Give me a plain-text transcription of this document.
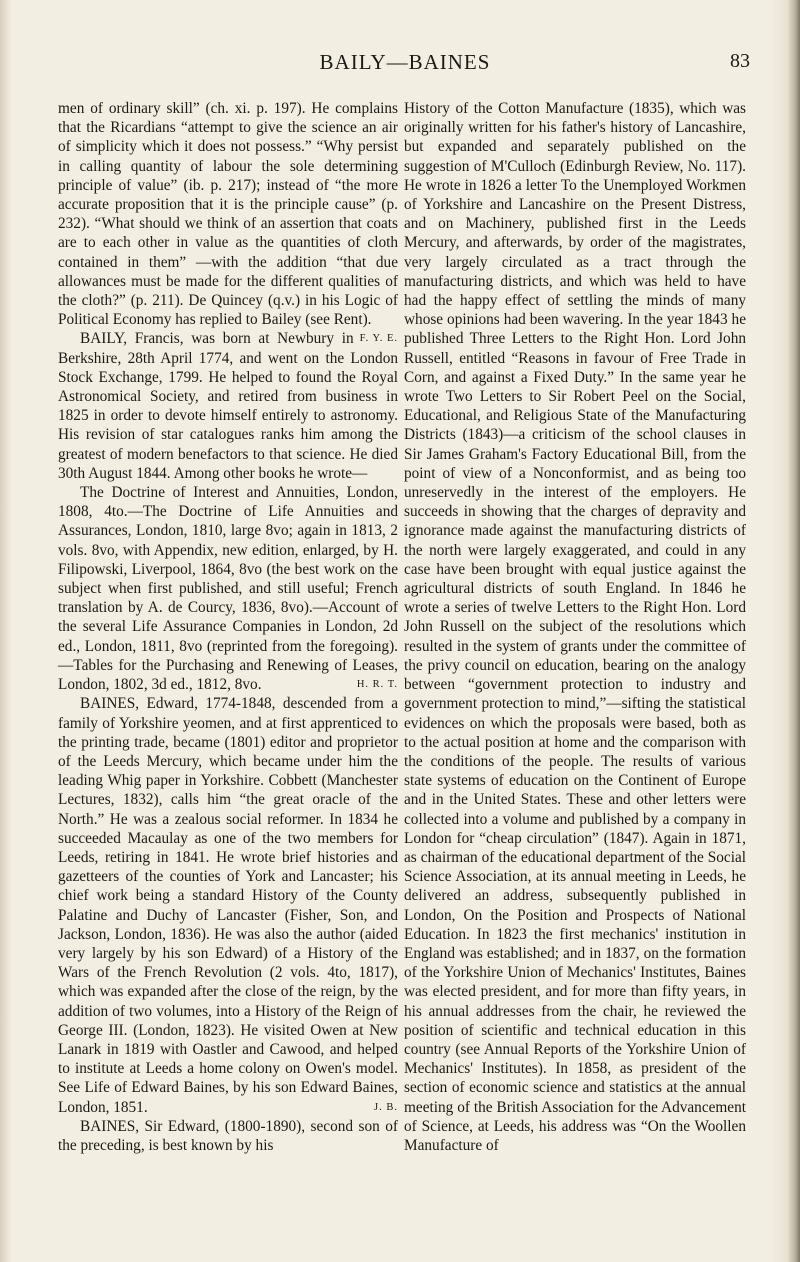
BAILY—BAINES	83

men of ordinary skill” (ch. xi. p. 197). He complains that the Ricardians “attempt to give the science an air of simplicity which it does not possess.” “Why persist in calling quantity of labour the sole determining principle of value” (ib. p. 217); instead of “the more accurate proposition that it is the principle cause” (p. 232). “What should we think of an assertion that coats are to each other in value as the quantities of cloth contained in them” —with the addition “that due allowances must be made for the different qualities of the cloth?” (p. 211). De Quincey (q.v.) in his Logic of Political Economy has replied to Bailey (see Rent).
F. Y. E.

BAILY, Francis, was born at Newbury in Berkshire, 28th April 1774, and went on the London Stock Exchange, 1799. He helped to found the Royal Astronomical Society, and retired from business in 1825 in order to devote himself entirely to astronomy. His revision of star catalogues ranks him among the greatest of modern benefactors to that science. He died 30th August 1844. Among other books he wrote—

The Doctrine of Interest and Annuities, London, 1808, 4to.—The Doctrine of Life Annuities and Assurances, London, 1810, large 8vo; again in 1813, 2 vols. 8vo, with Appendix, new edition, enlarged, by H. Filipowski, Liverpool, 1864, 8vo (the best work on the subject when first published, and still useful; French translation by A. de Courcy, 1836, 8vo).—Account of the several Life Assurance Companies in London, 2d ed., London, 1811, 8vo (reprinted from the foregoing).—Tables for the Purchasing and Renewing of Leases, London, 1802, 3d ed., 1812, 8vo.	H. R. T.

BAINES, Edward, 1774-1848, descended from a family of Yorkshire yeomen, and at first apprenticed to the printing trade, became (1801) editor and proprietor of the Leeds Mercury, which became under him the leading Whig paper in Yorkshire. Cobbett (Manchester Lectures, 1832), calls him “the great oracle of the North.” He was a zealous social reformer. In 1834 he succeeded Macaulay as one of the two members for Leeds, retiring in 1841. He wrote brief histories and gazetteers of the counties of York and Lancaster; his chief work being a standard History of the County Palatine and Duchy of Lancaster (Fisher, Son, and Jackson, London, 1836). He was also the author (aided very largely by his son Edward) of a History of the Wars of the French Revolution (2 vols. 4to, 1817), which was expanded after the close of the reign, by the addition of two volumes, into a History of the Reign of George III. (London, 1823). He visited Owen at New Lanark in 1819 with Oastler and Cawood, and helped to institute at Leeds a home colony on Owen's model. See Life of Edward Baines, by his son Edward Baines, London, 1851.	J. B.

BAINES, Sir Edward, (1800-1890), second son of the preceding, is best known by his

History of the Cotton Manufacture (1835), which was originally written for his father's history of Lancashire, but expanded and separately published on the suggestion of M'Culloch (Edinburgh Review, No. 117). He wrote in 1826 a letter To the Unemployed Workmen of Yorkshire and Lancashire on the Present Distress, and on Machinery, published first in the Leeds Mercury, and afterwards, by order of the magistrates, very largely circulated as a tract through the manufacturing districts, and which was held to have had the happy effect of settling the minds of many whose opinions had been wavering. In the year 1843 he published Three Letters to the Right Hon. Lord John Russell, entitled “Reasons in favour of Free Trade in Corn, and against a Fixed Duty.” In the same year he wrote Two Letters to Sir Robert Peel on the Social, Educational, and Religious State of the Manufacturing Districts (1843)—a criticism of the school clauses in Sir James Graham's Factory Educational Bill, from the point of view of a Nonconformist, and as being too unreservedly in the interest of the employers. He succeeds in showing that the charges of depravity and ignorance made against the manufacturing districts of the north were largely exaggerated, and could in any case have been brought with equal justice against the agricultural districts of south England. In 1846 he wrote a series of twelve Letters to the Right Hon. Lord John Russell on the subject of the resolutions which resulted in the system of grants under the committee of the privy council on education, bearing on the analogy between “government protection to industry and government protection to mind,”—sifting the statistical evidences on which the proposals were based, both as to the actual position at home and the comparison with the conditions of the people. The results of various state systems of education on the Continent of Europe and in the United States. These and other letters were collected into a volume and published by a company in London for “cheap circulation” (1847). Again in 1871, as chairman of the educational department of the Social Science Association, at its annual meeting in Leeds, he delivered an address, subsequently published in London, On the Position and Prospects of National Education. In 1823 the first mechanics' institution in England was established; and in 1837, on the formation of the Yorkshire Union of Mechanics' Institutes, Baines was elected president, and for more than fifty years, in his annual addresses from the chair, he reviewed the position of scientific and technical education in this country (see Annual Reports of the Yorkshire Union of Mechanics' Institutes). In 1858, as president of the section of economic science and statistics at the annual meeting of the British Association for the Advancement of Science, at Leeds, his address was “On the Woollen Manufacture of
